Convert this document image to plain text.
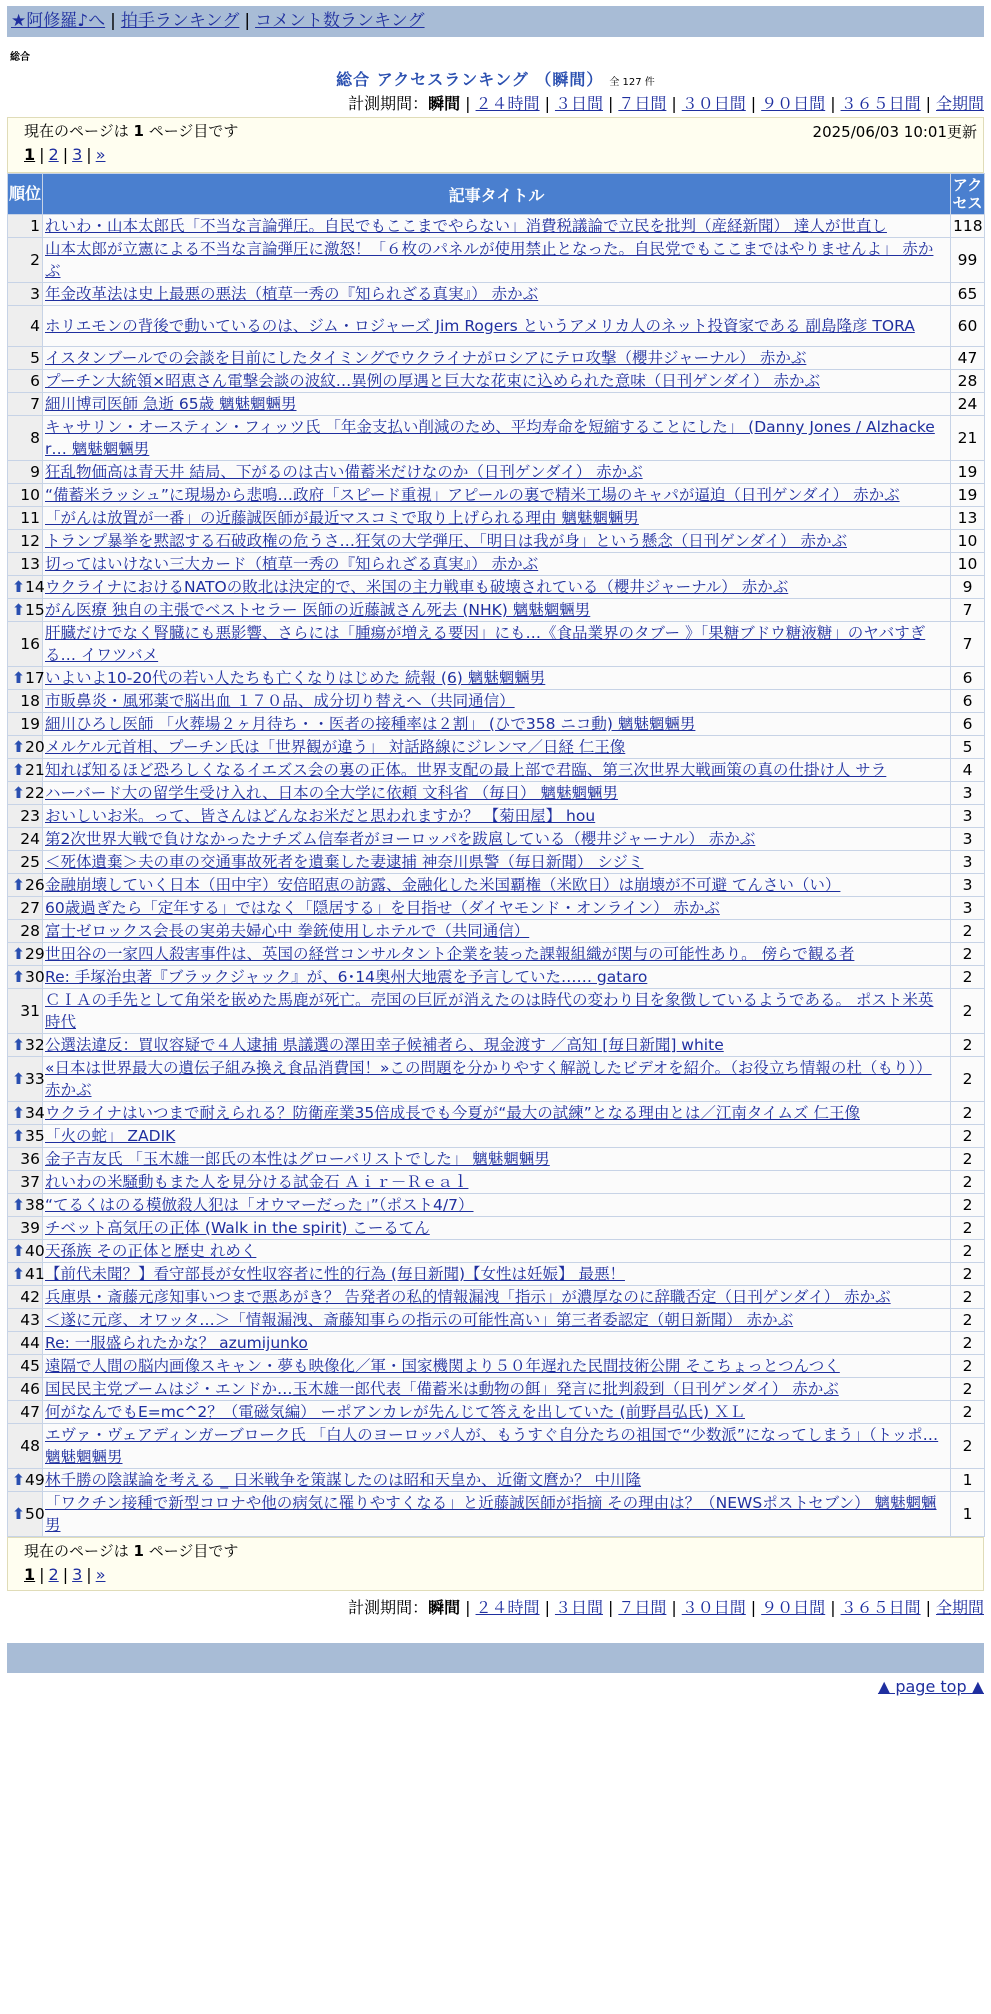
★阿修羅♪へ | 拍手ランキング | コメント数ランキング
総合
総合 アクセスランキング （瞬間） 全 127 件
計測期間：瞬間 | ２４時間 | ３日間 | ７日間 | ３０日間 | ９０日間 | ３６５日間 | 全期間
現在のページは 1 ページ目です	2025/06/03 10:01更新
1 | 2 | 3 | »
順位	記事タイトル	アクセス
1	れいわ・山本太郎氏「不当な言論弾圧。自民でもここまでやらない」消費税議論で立民を批判（産経新聞） 達人が世直し	118
2	山本太郎が立憲による不当な言論弾圧に激怒！「６枚のパネルが使用禁止となった。自民党でもここまではやりませんよ」 赤かぶ	99
3	年金改革法は史上最悪の悪法（植草一秀の『知られざる真実』） 赤かぶ	65
4	ホリエモンの背後で動いているのは、ジム・ロジャーズ Jim Rogers というアメリカ人のネット投資家である 副島隆彦 TORA	60
5	イスタンブールでの会談を目前にしたタイミングでウクライナがロシアにテロ攻撃（櫻井ジャーナル） 赤かぶ	47
6	プーチン大統領×昭恵さん電撃会談の波紋…異例の厚遇と巨大な花束に込められた意味（日刊ゲンダイ） 赤かぶ	28
7	細川博司医師 急逝 65歳 魑魅魍魎男	24
8	キャサリン・オースティン・フィッツ氏 「年金支払い削減のため、平均寿命を短縮することにした」 (Danny Jones / Alzhacker… 魑魅魍魎男	21
9	狂乱物価高は青天井 結局、下がるのは古い備蓄米だけなのか（日刊ゲンダイ） 赤かぶ	19
10	“備蓄米ラッシュ”に現場から悲鳴…政府「スピード重視」アピールの裏で精米工場のキャパが逼迫（日刊ゲンダイ） 赤かぶ	19
11	「がんは放置が一番」の近藤誠医師が最近マスコミで取り上げられる理由 魑魅魍魎男	13
12	トランプ暴挙を黙認する石破政権の危うさ…狂気の大学弾圧、「明日は我が身」という懸念（日刊ゲンダイ） 赤かぶ	10
13	切ってはいけない三大カード（植草一秀の『知られざる真実』） 赤かぶ	10

⬆ 14	ウクライナにおけるNATOの敗北は決定的で、米国の主力戦車も破壊されている（櫻井ジャーナル） 赤かぶ	9

⬆ 15	がん医療 独自の主張でベストセラー 医師の近藤誠さん死去 (NHK) 魑魅魍魎男	7
16	肝臓だけでなく腎臓にも悪影響、さらには「腫瘍が増える要因」にも…《食品業界のタブー 》「果糖ブドウ糖液糖」のヤバすぎる… イワツバメ	7

⬆ 17	いよいよ10-20代の若い人たちも亡くなりはじめた 続報 (6) 魑魅魍魎男	6
18	市販鼻炎・風邪薬で脳出血 １７０品、成分切り替えへ（共同通信）	6
19	細川ひろし医師 「火葬場２ヶ月待ち・・医者の接種率は２割」 (ひで358 ニコ動) 魑魅魍魎男	6

⬆ 20	メルケル元首相、プーチン氏は「世界観が違う」 対話路線にジレンマ／日経 仁王像	5

⬆ 21	知れば知るほど恐ろしくなるイエズス会の裏の正体。世界支配の最上部で君臨、第三次世界大戦画策の真の仕掛け人 サラ	4

⬆ 22	ハーバード大の留学生受け入れ、日本の全大学に依頼 文科省 （毎日） 魑魅魍魎男	3
23	おいしいお米。って、皆さんはどんなお米だと思われますか？ 【菊田屋】 hou	3
24	第2次世界大戦で負けなかったナチズム信奉者がヨーロッパを跋扈している（櫻井ジャーナル） 赤かぶ	3
25	＜死体遺棄＞夫の車の交通事故死者を遺棄した妻逮捕 神奈川県警（毎日新聞） シジミ	3

⬆ 26	金融崩壊していく日本（田中宇）安倍昭恵の訪露、金融化した米国覇権（米欧日）は崩壊が不可避 てんさい（い）	3
27	60歳過ぎたら「定年する」ではなく「隠居する」を目指せ（ダイヤモンド・オンライン） 赤かぶ	3
28	富士ゼロックス会長の実弟夫婦心中 拳銃使用しホテルで（共同通信）	2

⬆ 29	世田谷の一家四人殺害事件は、英国の経営コンサルタント企業を装った課報組織が関与の可能性あり。 傍らで観る者	2

⬆ 30	Re: 手塚治虫著『ブラックジャック』が、6･14奥州大地震を予言していた…… gataro	2
31	ＣＩＡの手先として角栄を嵌めた馬鹿が死亡。売国の巨匠が消えたのは時代の変わり目を象徴しているようである。 ポスト米英時代	2

⬆ 32	公選法違反：買収容疑で４人逮捕 県議選の澤田幸子候補者ら、現金渡す ／高知 [毎日新聞] white	2

⬆ 33	«日本は世界最大の遺伝子組み換え食品消費国！»この問題を分かりやすく解説したビデオを紹介。（お役立ち情報の杜（もり）） 赤かぶ	2

⬆ 34	ウクライナはいつまで耐えられる？防衛産業35倍成長でも今夏が“最大の試練”となる理由とは／江南タイムズ 仁王像	2

⬆ 35	「火の蛇」 ZADIK	2
36	金子吉友氏 「玉木雄一郎氏の本性はグローバリストでした」 魑魅魍魎男	2
37	れいわの米騒動もまた人を見分ける試金石 Ａｉｒ－Ｒｅａｌ	2

⬆ 38	“てるくはのる模倣殺人犯は「オウマーだった」”（ポスト4/7）	2
39	チベット高気圧の正体 (Walk in the spirit) こーるてん	2

⬆ 40	天孫族 その正体と歴史 れめく	2

⬆ 41	【前代未聞？】看守部長が女性収容者に性的行為 (毎日新聞)【女性は妊娠】 最悪！	2
42	兵庫県・斎藤元彦知事いつまで悪あがき？ 告発者の私的情報漏洩「指示」が濃厚なのに辞職否定（日刊ゲンダイ） 赤かぶ	2
43	＜遂に元彦、オワッタ…＞「情報漏洩、斎藤知事らの指示の可能性高い」第三者委認定（朝日新聞） 赤かぶ	2
44	Re: 一服盛られたかな？ azumijunko	2
45	遠隔で人間の脳内画像スキャン・夢も映像化／軍・国家機関より５０年遅れた民間技術公開 そこちょっとつんつく	2
46	国民民主党ブームはジ・エンドか…玉木雄一郎代表「備蓄米は動物の餌」発言に批判殺到（日刊ゲンダイ） 赤かぶ	2
47	何がなんでもE=mc^2？（電磁気編） ーポアンカレが先んじて答えを出していた (前野昌弘氏) ＸＬ	2
48	エヴァ・ヴェアディンガーブローク氏 「白人のヨーロッパ人が、もうすぐ自分たちの祖国で“少数派”になってしまう」（トッポ… 魑魅魍魎男	2

⬆ 49	林千勝の陰謀論を考える _ 日米戦争を策謀したのは昭和天皇か、近衛文麿か？ 中川隆	1

⬆ 50	「ワクチン接種で新型コロナや他の病気に罹りやすくなる」と近藤誠医師が指摘 その理由は？（NEWSポストセブン） 魑魅魍魎男	1
現在のページは 1 ページ目です
1 | 2 | 3 | »
計測期間：瞬間 | ２４時間 | ３日間 | ７日間 | ３０日間 | ９０日間 | ３６５日間 | 全期間
▲ page top ▲
